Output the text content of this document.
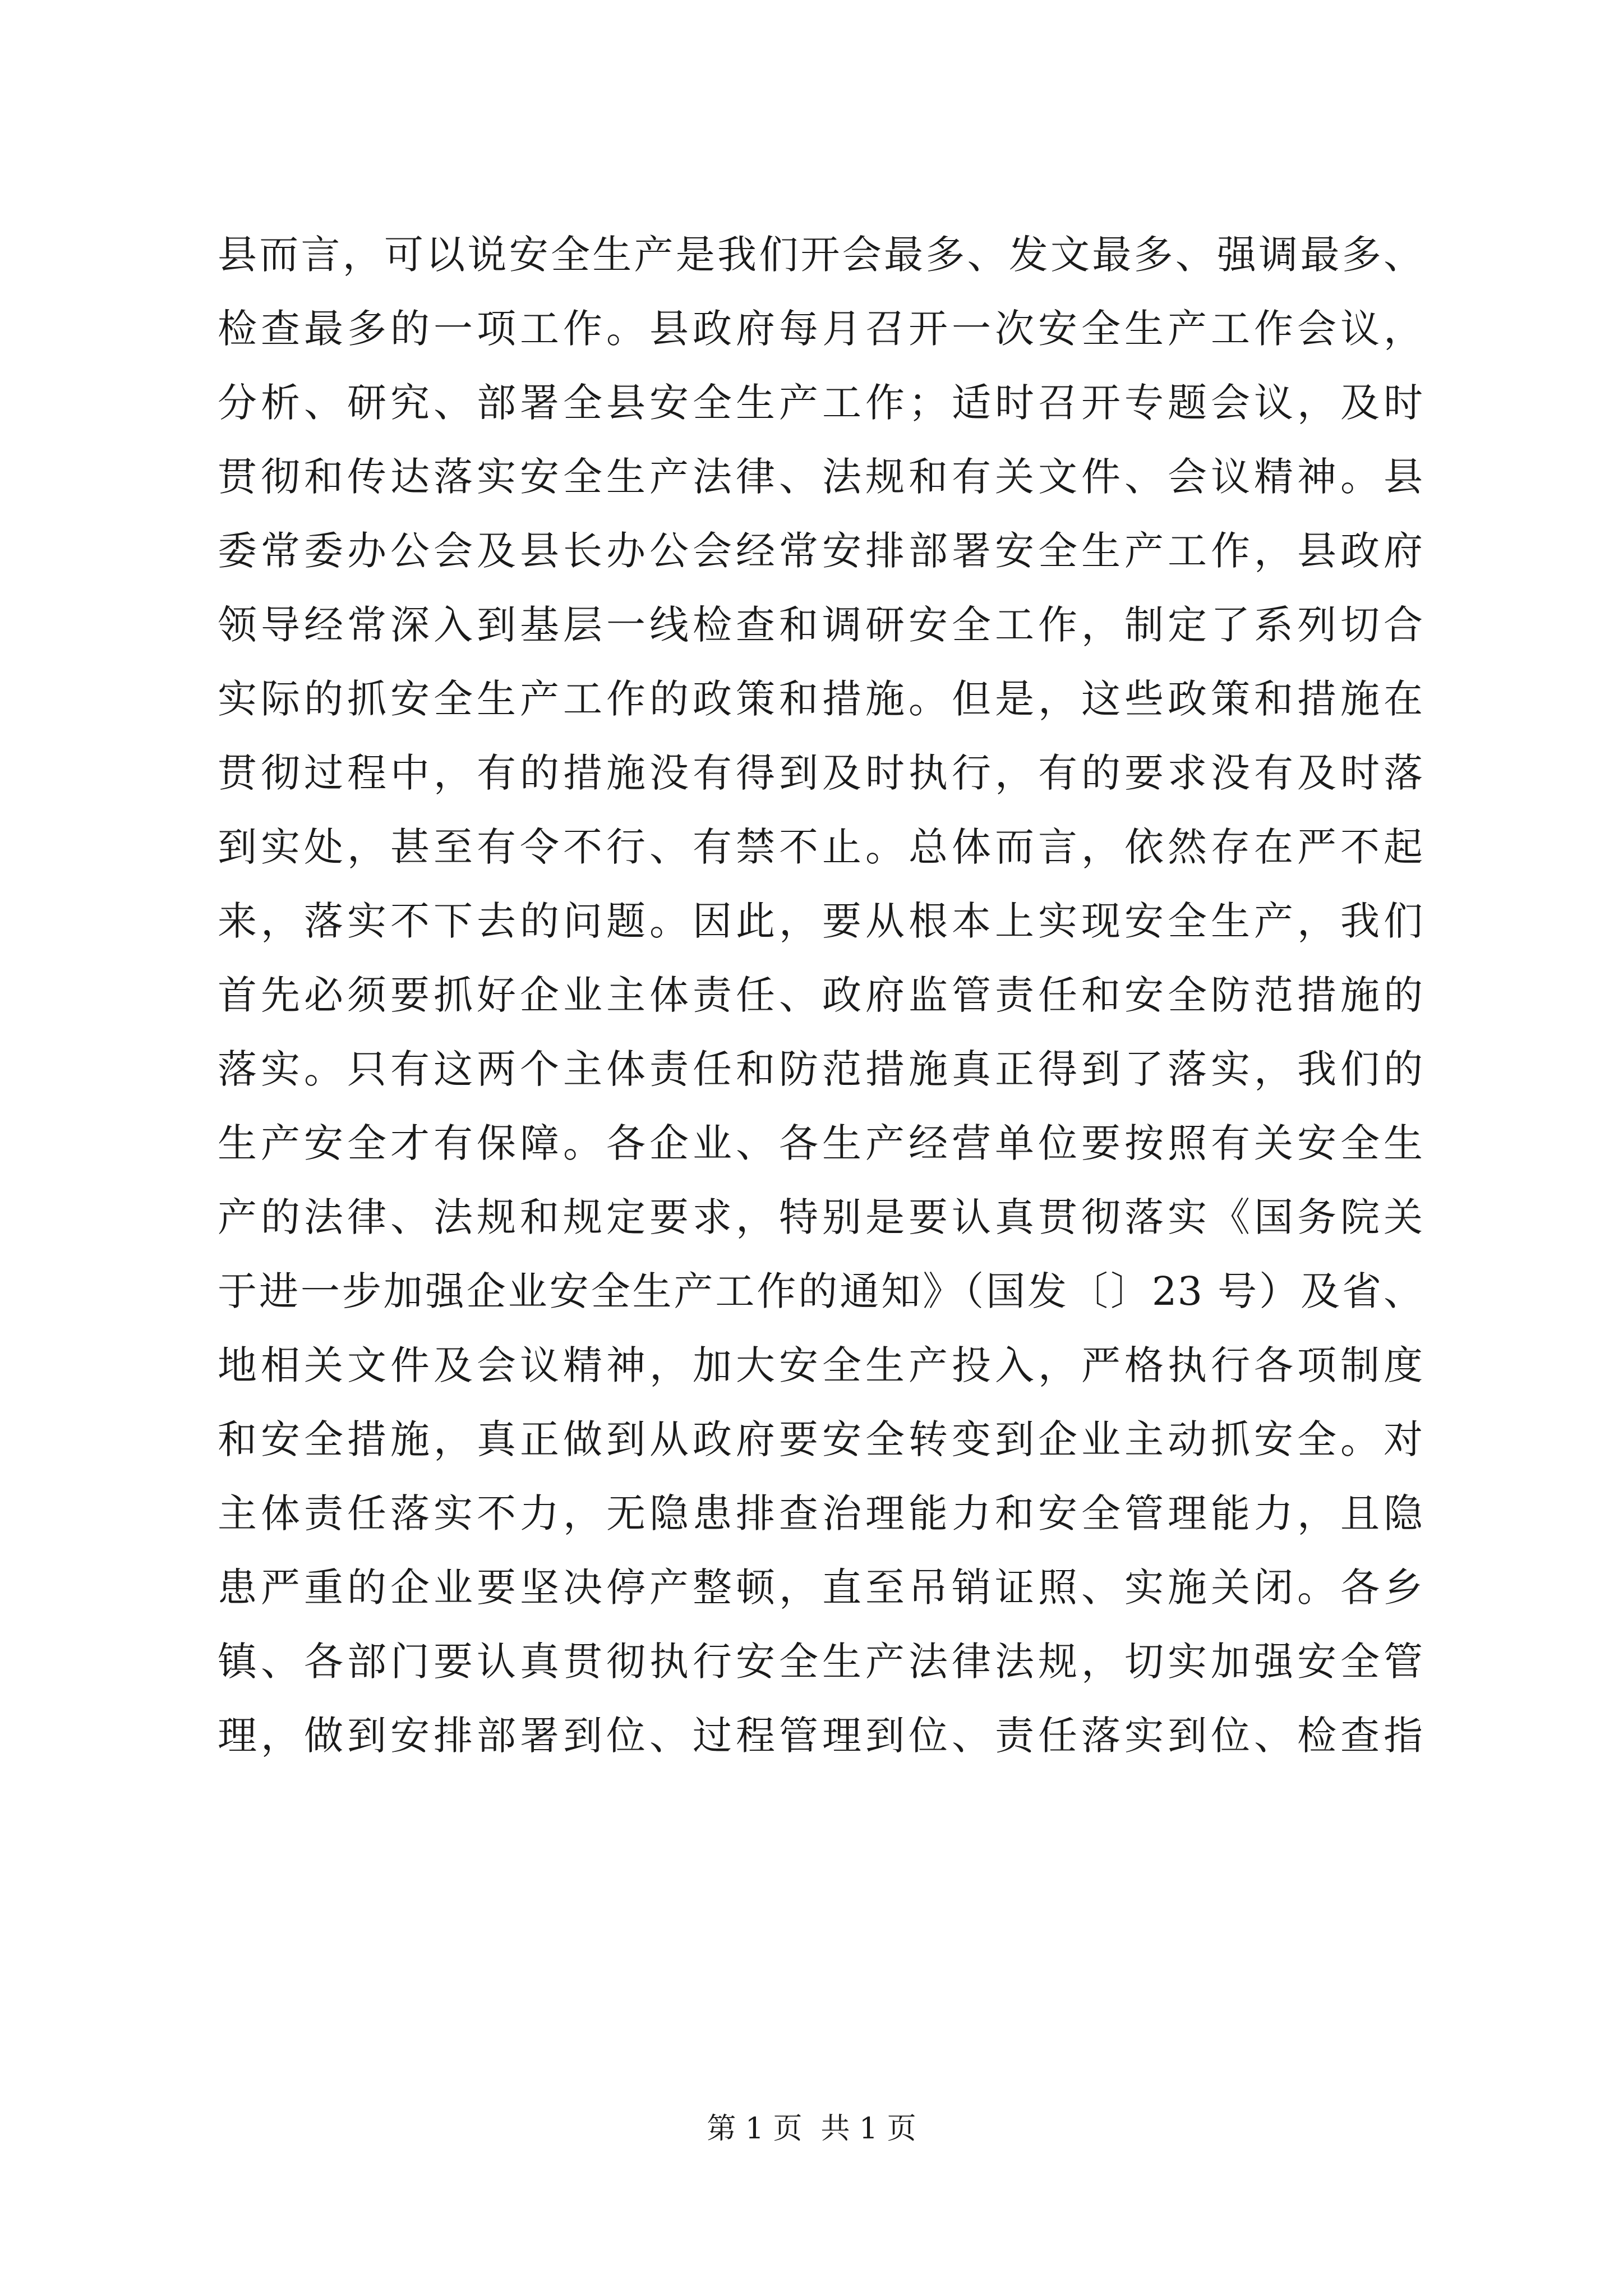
县而言，可以说安全生产是我们开会最多、发文最多、强调最多、
检查最多的一项工作。县政府每月召开一次安全生产工作会议，
分析、研究、部署全县安全生产工作；适时召开专题会议，及时
贯彻和传达落实安全生产法律、法规和有关文件、会议精神。县
委常委办公会及县长办公会经常安排部署安全生产工作，县政府
领导经常深入到基层一线检查和调研安全工作，制定了系列切合
实际的抓安全生产工作的政策和措施。但是，这些政策和措施在
贯彻过程中，有的措施没有得到及时执行，有的要求没有及时落
到实处，甚至有令不行、有禁不止。总体而言，依然存在严不起
来，落实不下去的问题。因此，要从根本上实现安全生产，我们
首先必须要抓好企业主体责任、政府监管责任和安全防范措施的
落实。只有这两个主体责任和防范措施真正得到了落实，我们的
生产安全才有保障。各企业、各生产经营单位要按照有关安全生
产的法律、法规和规定要求，特别是要认真贯彻落实《国务院关
于进一步加强企业安全生产工作的通知》（国发〔〕23 号）及省、
地相关文件及会议精神，加大安全生产投入，严格执行各项制度
和安全措施，真正做到从政府要安全转变到企业主动抓安全。对
主体责任落实不力，无隐患排查治理能力和安全管理能力，且隐
患严重的企业要坚决停产整顿，直至吊销证照、实施关闭。各乡
镇、各部门要认真贯彻执行安全生产法律法规，切实加强安全管
理，做到安排部署到位、过程管理到位、责任落实到位、检查指
第 1 页  共 1 页
